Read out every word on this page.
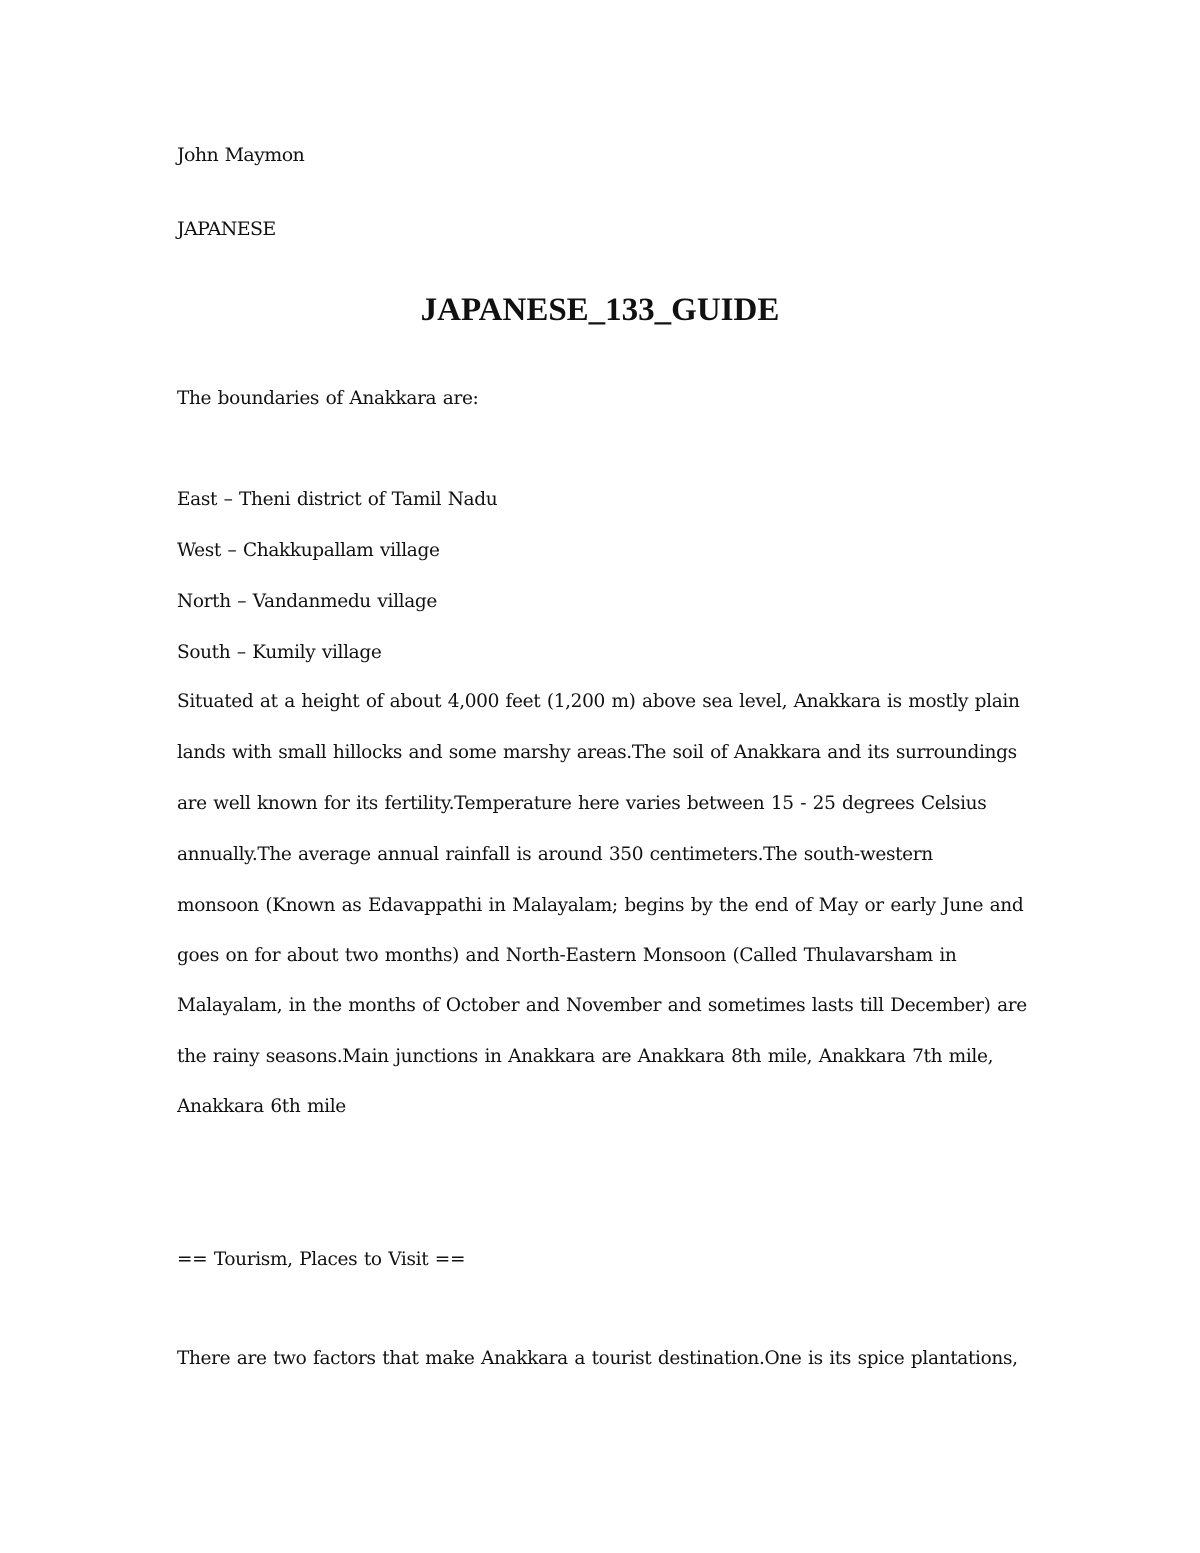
John Maymon
JAPANESE
JAPANESE_133_GUIDE
The boundaries of Anakkara are:
East – Theni district of Tamil Nadu
West – Chakkupallam village
North – Vandanmedu village
South – Kumily village
Situated at a height of about 4,000 feet (1,200 m) above sea level, Anakkara is mostly plain
lands with small hillocks and some marshy areas.The soil of Anakkara and its surroundings
are well known for its fertility.Temperature here varies between 15 - 25 degrees Celsius
annually.The average annual rainfall is around 350 centimeters.The south-western
monsoon (Known as Edavappathi in Malayalam; begins by the end of May or early June and
goes on for about two months) and North-Eastern Monsoon (Called Thulavarsham in
Malayalam, in the months of October and November and sometimes lasts till December) are
the rainy seasons.Main junctions in Anakkara are Anakkara 8th mile, Anakkara 7th mile,
Anakkara 6th mile
== Tourism, Places to Visit ==
There are two factors that make Anakkara a tourist destination.One is its spice plantations,
